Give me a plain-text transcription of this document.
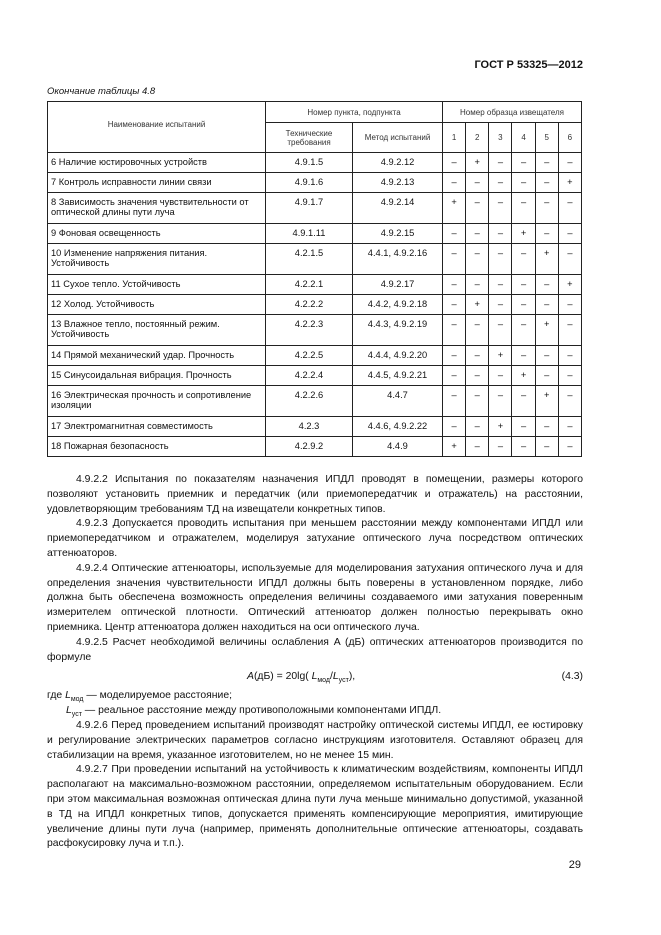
ГОСТ Р 53325—2012
Окончание таблицы 4.8
Наименование испытаний	Номер пункта, подпункта		Номер образца извещателя					
	Технические требования	Метод испытаний	1	2	3	4	5	6
6 Наличие юстировочных устройств	4.9.1.5	4.9.2.12	–	+	–	–	–	–
7 Контроль исправности линии связи	4.9.1.6	4.9.2.13	–	–	–	–	–	+
8 Зависимость значения чувствительности от оптической длины пути луча	4.9.1.7	4.9.2.14	+	–	–	–	–	–
9 Фоновая освещенность	4.9.1.11	4.9.2.15	–	–	–	+	–	–
10 Изменение напряжения питания. Устойчивость	4.2.1.5	4.4.1, 4.9.2.16	–	–	–	–	+	–
11 Сухое тепло. Устойчивость	4.2.2.1	4.9.2.17	–	–	–	–	–	+
12 Холод. Устойчивость	4.2.2.2	4.4.2, 4.9.2.18	–	+	–	–	–	–
13 Влажное тепло, постоянный режим. Устойчивость	4.2.2.3	4.4.3, 4.9.2.19	–	–	–	–	+	–
14 Прямой механический удар. Прочность	4.2.2.5	4.4.4, 4.9.2.20	–	–	+	–	–	–
15 Синусоидальная вибрация. Прочность	4.2.2.4	4.4.5, 4.9.2.21	–	–	–	+	–	–
16 Электрическая прочность и сопротивление изоляции	4.2.2.6	4.4.7	–	–	–	–	+	–
17 Электромагнитная совместимость	4.2.3	4.4.6, 4.9.2.22	–	–	+	–	–	–
18 Пожарная безопасность	4.2.9.2	4.4.9	+	–	–	–	–	–

4.9.2.2 Испытания по показателям назначения ИПДЛ проводят в помещении, размеры которого позволяют установить приемник и передатчик (или приемопередатчик и отражатель) на расстоянии, удовлетворяющим требованиям ТД на извещатели конкретных типов.

4.9.2.3 Допускается проводить испытания при меньшем расстоянии между компонентами ИПДЛ или приемопередатчиком и отражателем, моделируя затухание оптического луча посредством оптических аттенюаторов.

4.9.2.4 Оптические аттенюаторы, используемые для моделирования затухания оптического луча и для определения значения чувствительности ИПДЛ должны быть поверены в установленном порядке, либо должна быть обеспечена возможность определения величины создаваемого ими затухания поверенным измерителем оптической плотности. Оптический аттенюатор должен полностью перекрывать окно приемника. Центр аттенюатора должен находиться на оси оптического луча.

4.9.2.5 Расчет необходимой величины ослабления A (дБ) оптических аттенюаторов производится по формуле

A(дБ) = 20lg( $L_{мод}/L_{уст}$),	(4.3)

где $L_{мод}$ — моделируемое расстояние;

$L_{уст}$ — реальное расстояние между противоположными компонентами ИПДЛ.

4.9.2.6 Перед проведением испытаний производят настройку оптической системы ИПДЛ, ее юстировку и регулирование электрических параметров согласно инструкциям изготовителя. Оставляют образец для стабилизации на время, указанное изготовителем, но не менее 15 мин.

4.9.2.7 При проведении испытаний на устойчивость к климатическим воздействиям, компоненты ИПДЛ располагают на максимально-возможном расстоянии, определяемом испытательным оборудованием. Если при этом максимальная возможная оптическая длина пути луча меньше минимально допустимой, указанной в ТД на ИПДЛ конкретных типов, допускается применять компенсирующие мероприятия, имитирующие увеличение длины пути луча (например, применять дополнительные оптические аттенюаторы, создавать расфокусировку луча и т.п.).

29
